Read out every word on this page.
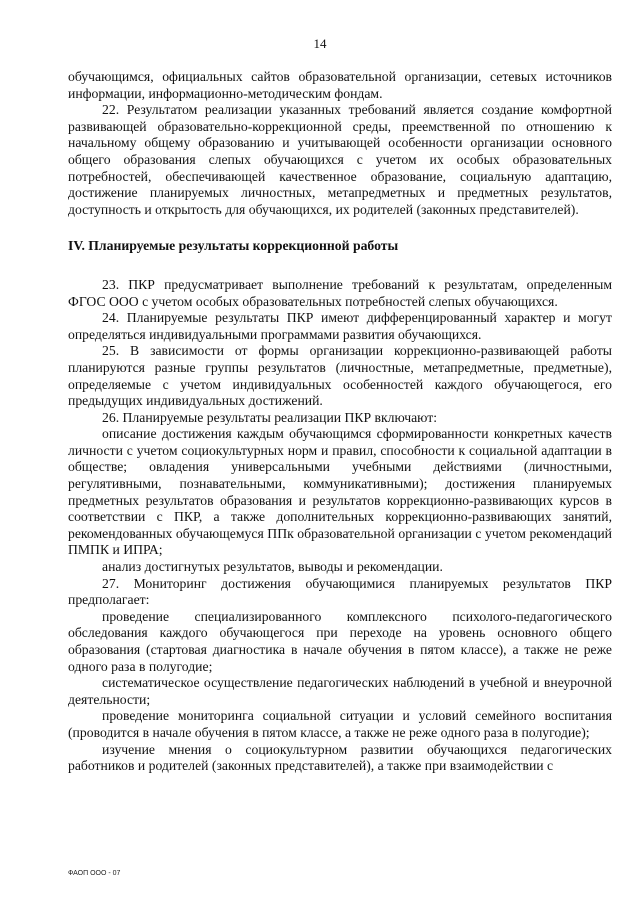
14

обучающимся, официальных сайтов образовательной организации, сетевых источников информации, информационно-методическим фондам.

22. Результатом реализации указанных требований является создание комфортной развивающей образовательно-коррекционной среды, преемственной по отношению к начальному общему образованию и учитывающей особенности организации основного общего образования слепых обучающихся с учетом их особых образовательных потребностей, обеспечивающей качественное образование, социальную адаптацию, достижение планируемых личностных, метапредметных и предметных результатов, доступность и открытость для обучающихся, их родителей (законных представителей).

IV. Планируемые результаты коррекционной работы

23. ПКР предусматривает выполнение требований к результатам, определенным ФГОС ООО с учетом особых образовательных потребностей слепых обучающихся.

24. Планируемые результаты ПКР имеют дифференцированный характер и могут определяться индивидуальными программами развития обучающихся.

25. В зависимости от формы организации коррекционно-развивающей работы планируются разные группы результатов (личностные, метапредметные, предметные), определяемые с учетом индивидуальных особенностей каждого обучающегося, его предыдущих индивидуальных достижений.

26. Планируемые результаты реализации ПКР включают:

описание достижения каждым обучающимся сформированности конкретных качеств личности с учетом социокультурных норм и правил, способности к социальной адаптации в обществе; овладения универсальными учебными действиями (личностными, регулятивными, познавательными, коммуникативными); достижения планируемых предметных результатов образования и результатов коррекционно-развивающих курсов в соответствии с ПКР, а также дополнительных коррекционно-развивающих занятий, рекомендованных обучающемуся ППк образовательной организации с учетом рекомендаций ПМПК и ИПРА;

анализ достигнутых результатов, выводы и рекомендации.

27. Мониторинг достижения обучающимися планируемых результатов ПКР предполагает:

проведение специализированного комплексного психолого-педагогического обследования каждого обучающегося при переходе на уровень основного общего образования (стартовая диагностика в начале обучения в пятом классе), а также не реже одного раза в полугодие;

систематическое осуществление педагогических наблюдений в учебной и внеурочной деятельности;

проведение мониторинга социальной ситуации и условий семейного воспитания (проводится в начале обучения в пятом классе, а также не реже одного раза в полугодие);

изучение мнения о социокультурном развитии обучающихся педагогических работников и родителей (законных представителей), а также при взаимодействии с

ФАОП ООО - 07
